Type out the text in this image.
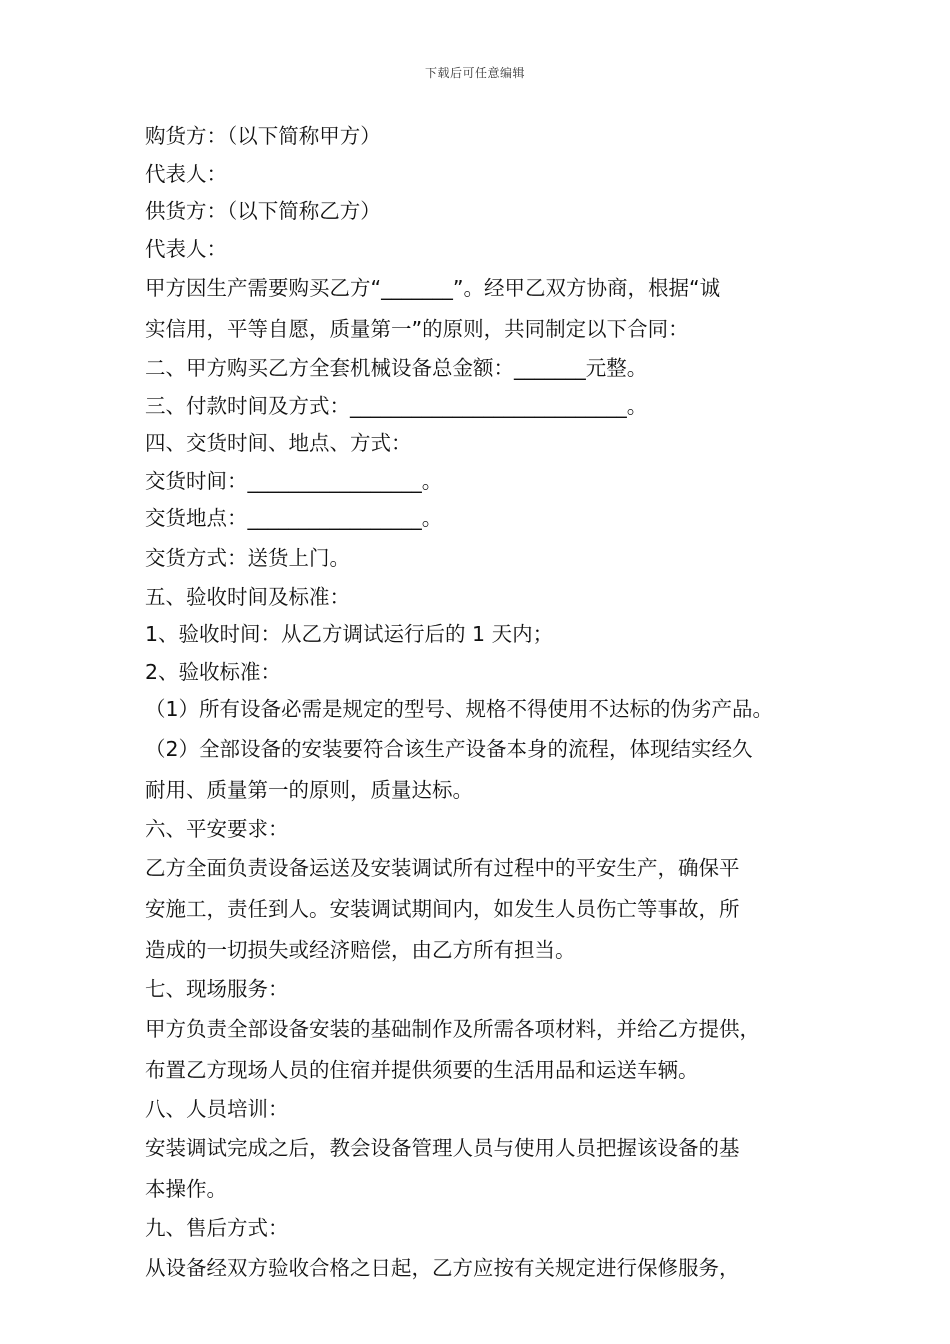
下载后可任意编辑
购货方：（以下简称甲方）
代表人：
供货方：（以下简称乙方）
代表人：
甲方因生产需要购买乙方“_______”。经甲乙双方协商，根据“诚
实信用，平等自愿，质量第一”的原则，共同制定以下合同：
二、甲方购买乙方全套机械设备总金额：_______元整。
三、付款时间及方式：___________________________。
四、交货时间、地点、方式：
交货时间：_________________。
交货地点：_________________。
交货方式：送货上门。
五、验收时间及标准：
1、验收时间：从乙方调试运行后的 1 天内；
2、验收标准：
（1）所有设备必需是规定的型号、规格不得使用不达标的伪劣产品。
（2）全部设备的安装要符合该生产设备本身的流程，体现结实经久
耐用、质量第一的原则，质量达标。
六、平安要求：
乙方全面负责设备运送及安装调试所有过程中的平安生产，确保平
安施工，责任到人。安装调试期间内，如发生人员伤亡等事故，所
造成的一切损失或经济赔偿，由乙方所有担当。
七、现场服务：
甲方负责全部设备安装的基础制作及所需各项材料，并给乙方提供，
布置乙方现场人员的住宿并提供须要的生活用品和运送车辆。
八、人员培训：
安装调试完成之后，教会设备管理人员与使用人员把握该设备的基
本操作。
九、售后方式：
从设备经双方验收合格之日起，乙方应按有关规定进行保修服务，
